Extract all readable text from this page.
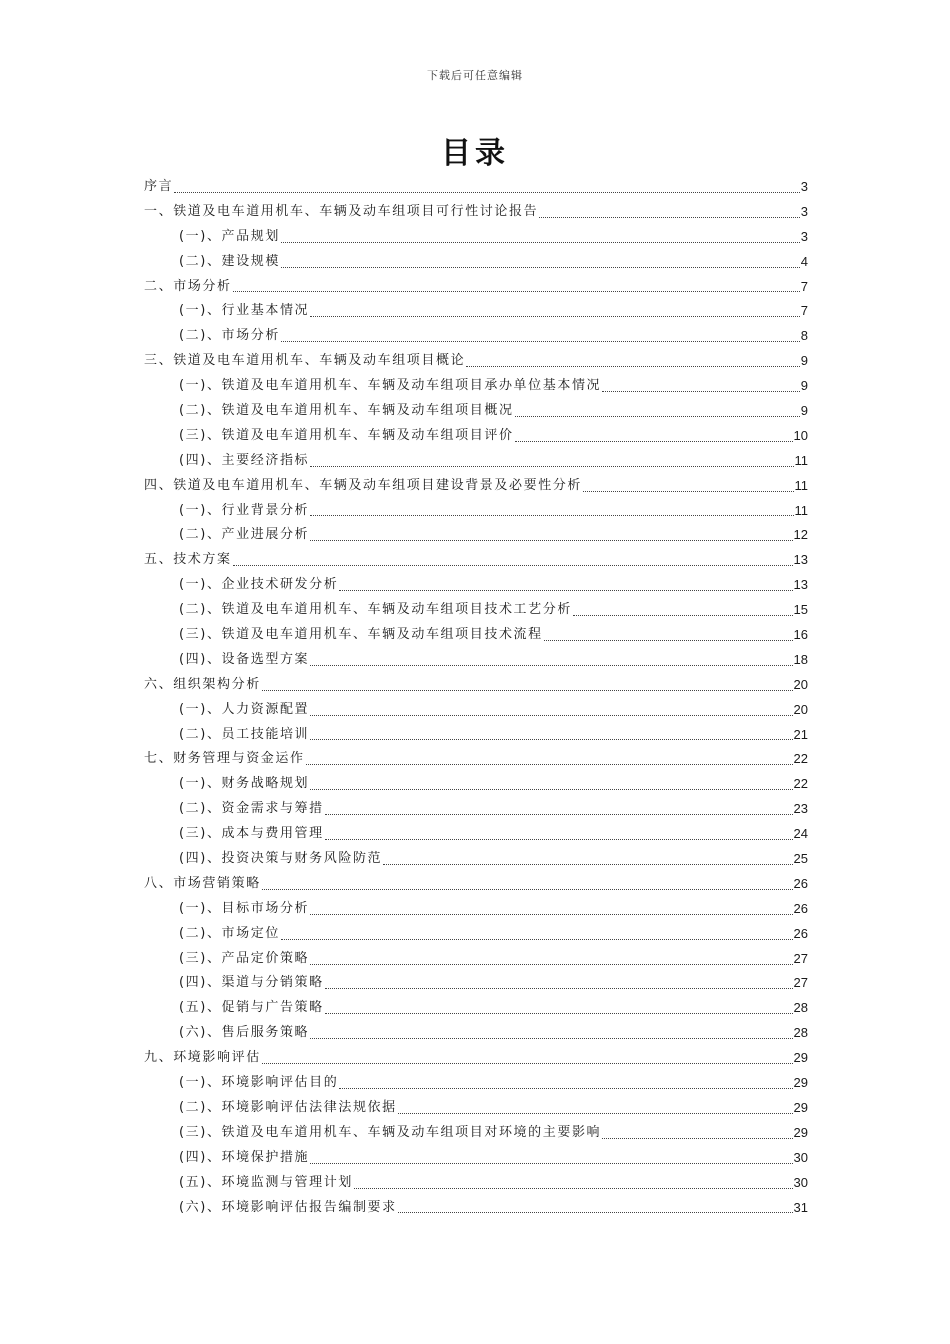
下载后可任意编辑
目录
序言	3
一、铁道及电车道用机车、车辆及动车组项目可行性讨论报告	3
(一)、产品规划	3
(二)、建设规模	4
二、市场分析	7
(一)、行业基本情况	7
(二)、市场分析	8
三、铁道及电车道用机车、车辆及动车组项目概论	9
(一)、铁道及电车道用机车、车辆及动车组项目承办单位基本情况	9
(二)、铁道及电车道用机车、车辆及动车组项目概况	9
(三)、铁道及电车道用机车、车辆及动车组项目评价	10
(四)、主要经济指标	11
四、铁道及电车道用机车、车辆及动车组项目建设背景及必要性分析	11
(一)、行业背景分析	11
(二)、产业进展分析	12
五、技术方案	13
(一)、企业技术研发分析	13
(二)、铁道及电车道用机车、车辆及动车组项目技术工艺分析	15
(三)、铁道及电车道用机车、车辆及动车组项目技术流程	16
(四)、设备选型方案	18
六、组织架构分析	20
(一)、人力资源配置	20
(二)、员工技能培训	21
七、财务管理与资金运作	22
(一)、财务战略规划	22
(二)、资金需求与筹措	23
(三)、成本与费用管理	24
(四)、投资决策与财务风险防范	25
八、市场营销策略	26
(一)、目标市场分析	26
(二)、市场定位	26
(三)、产品定价策略	27
(四)、渠道与分销策略	27
(五)、促销与广告策略	28
(六)、售后服务策略	28
九、环境影响评估	29
(一)、环境影响评估目的	29
(二)、环境影响评估法律法规依据	29
(三)、铁道及电车道用机车、车辆及动车组项目对环境的主要影响	29
(四)、环境保护措施	30
(五)、环境监测与管理计划	30
(六)、环境影响评估报告编制要求	31
